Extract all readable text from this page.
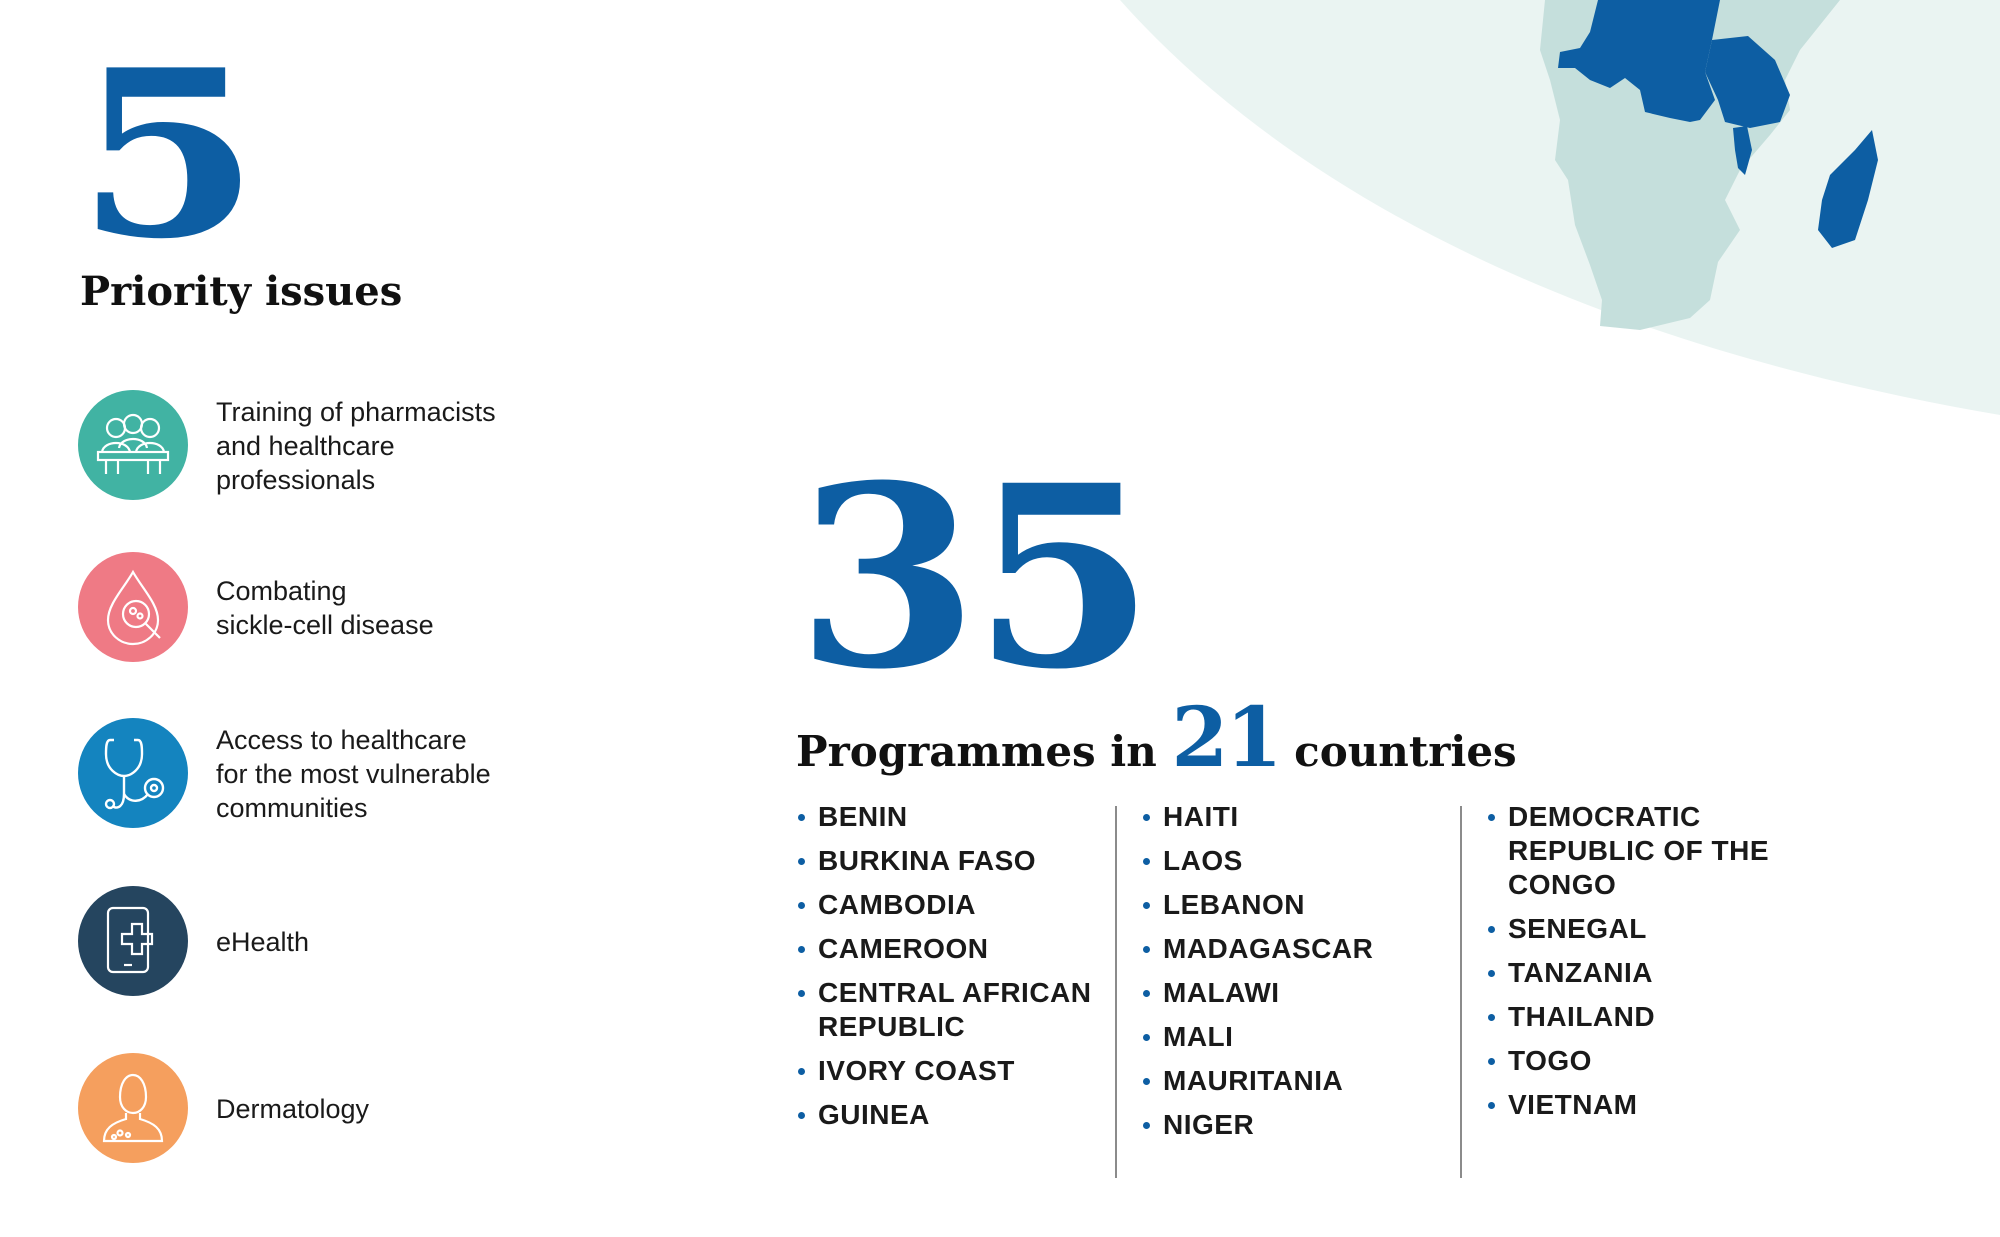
5
Priority issues
Training of pharmacists
and healthcare
professionals
Combating
sickle-cell disease
Access to healthcare
for the most vulnerable
communities
eHealth
Dermatology
35
Programmes in 21 countries
BENIN
BURKINA FASO
CAMBODIA
CAMEROON
CENTRAL AFRICAN REPUBLIC
IVORY COAST
GUINEA
HAITI
LAOS
LEBANON
MADAGASCAR
MALAWI
MALI
MAURITANIA
NIGER
DEMOCRATIC REPUBLIC OF THE CONGO
SENEGAL
TANZANIA
THAILAND
TOGO
VIETNAM
